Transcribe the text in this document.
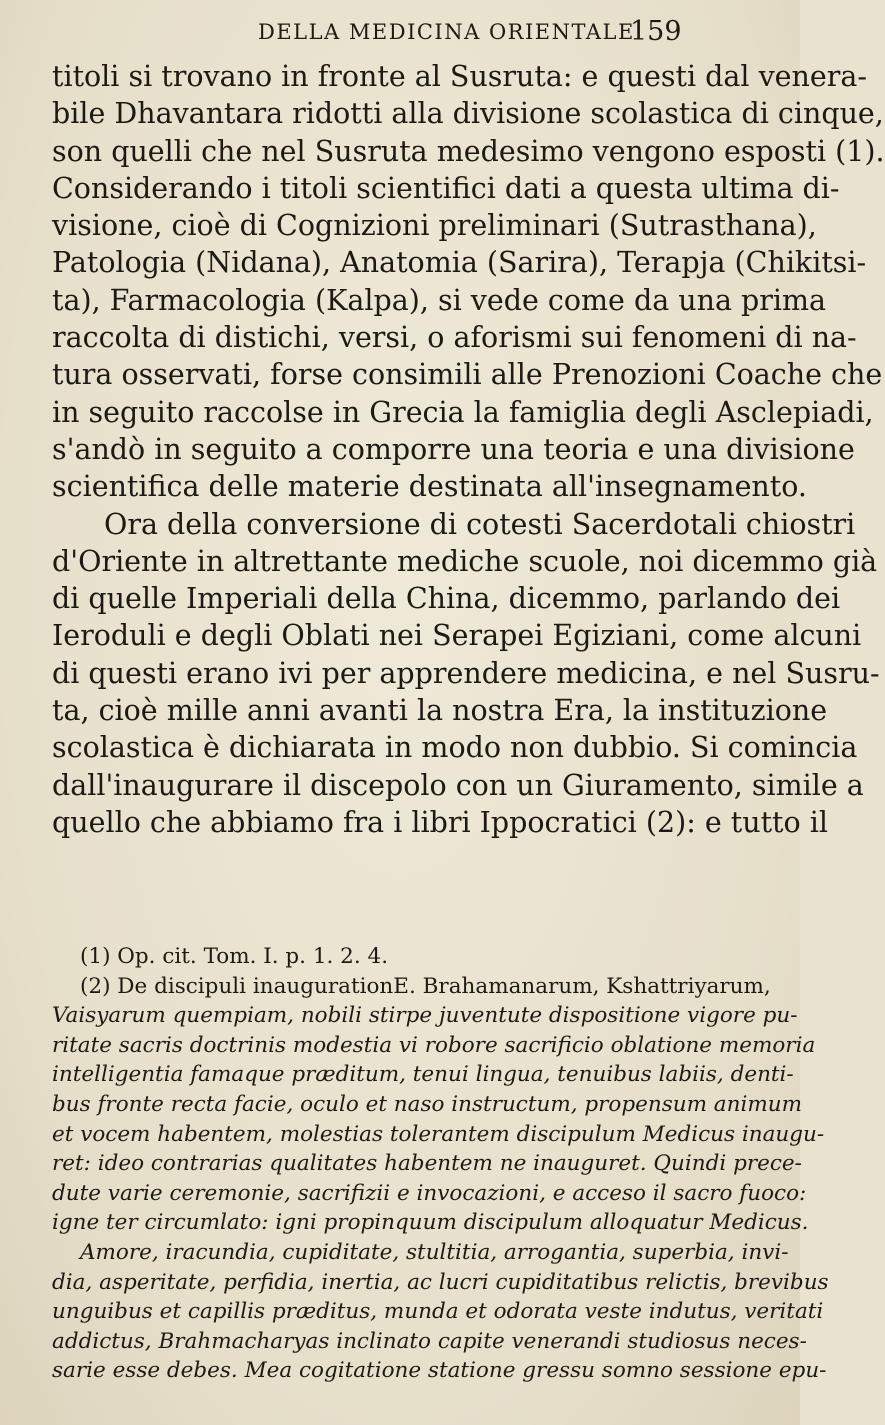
DELLA MEDICINA ORIENTALE
159
titoli si trovano in fronte al Susruta: e questi dal venera-
bile Dhavantara ridotti alla divisione scolastica di cinque,
son quelli che nel Susruta medesimo vengono esposti (1).
Considerando i titoli scientifici dati a questa ultima di-
visione, cioè di Cognizioni preliminari (Sutrasthana),
Patologia (Nidana), Anatomia (Sarira), Terapja (Chikitsi-
ta), Farmacologia (Kalpa), si vede come da una prima
raccolta di distichi, versi, o aforismi sui fenomeni di na-
tura osservati, forse consimili alle Prenozioni Coache che
in seguito raccolse in Grecia la famiglia degli Asclepiadi,
s'andò in seguito a comporre una teoria e una divisione
scientifica delle materie destinata all'insegnamento.
Ora della conversione di cotesti Sacerdotali chiostri
d'Oriente in altrettante mediche scuole, noi dicemmo già
di quelle Imperiali della China, dicemmo, parlando dei
Ieroduli e degli Oblati nei Serapei Egiziani, come alcuni
di questi erano ivi per apprendere medicina, e nel Susru-
ta, cioè mille anni avanti la nostra Era, la instituzione
scolastica è dichiarata in modo non dubbio. Si comincia
dall'inaugurare il discepolo con un Giuramento, simile a
quello che abbiamo fra i libri Ippocratici (2): e tutto il
(1) Op. cit. Tom. I. p. 1. 2. 4.
(2) De discipuli inaugurationE. Brahamanarum, Kshattriyarum,
Vaisyarum quempiam, nobili stirpe juventute dispositione vigore pu-
ritate sacris doctrinis modestia vi robore sacrificio oblatione memoria
intelligentia famaque præditum, tenui lingua, tenuibus labiis, denti-
bus fronte recta facie, oculo et naso instructum, propensum animum
et vocem habentem, molestias tolerantem discipulum Medicus inaugu-
ret: ideo contrarias qualitates habentem ne inauguret. Quindi prece-
dute varie ceremonie, sacrifizii e invocazioni, e acceso il sacro fuoco:
igne ter circumlato: igni propinquum discipulum alloquatur Medicus.
Amore, iracundia, cupiditate, stultitia, arrogantia, superbia, invi-
dia, asperitate, perfidia, inertia, ac lucri cupiditatibus relictis, brevibus
unguibus et capillis præditus, munda et odorata veste indutus, veritati
addictus, Brahmacharyas inclinato capite venerandi studiosus neces-
sarie esse debes. Mea cogitatione statione gressu somno sessione epu-
